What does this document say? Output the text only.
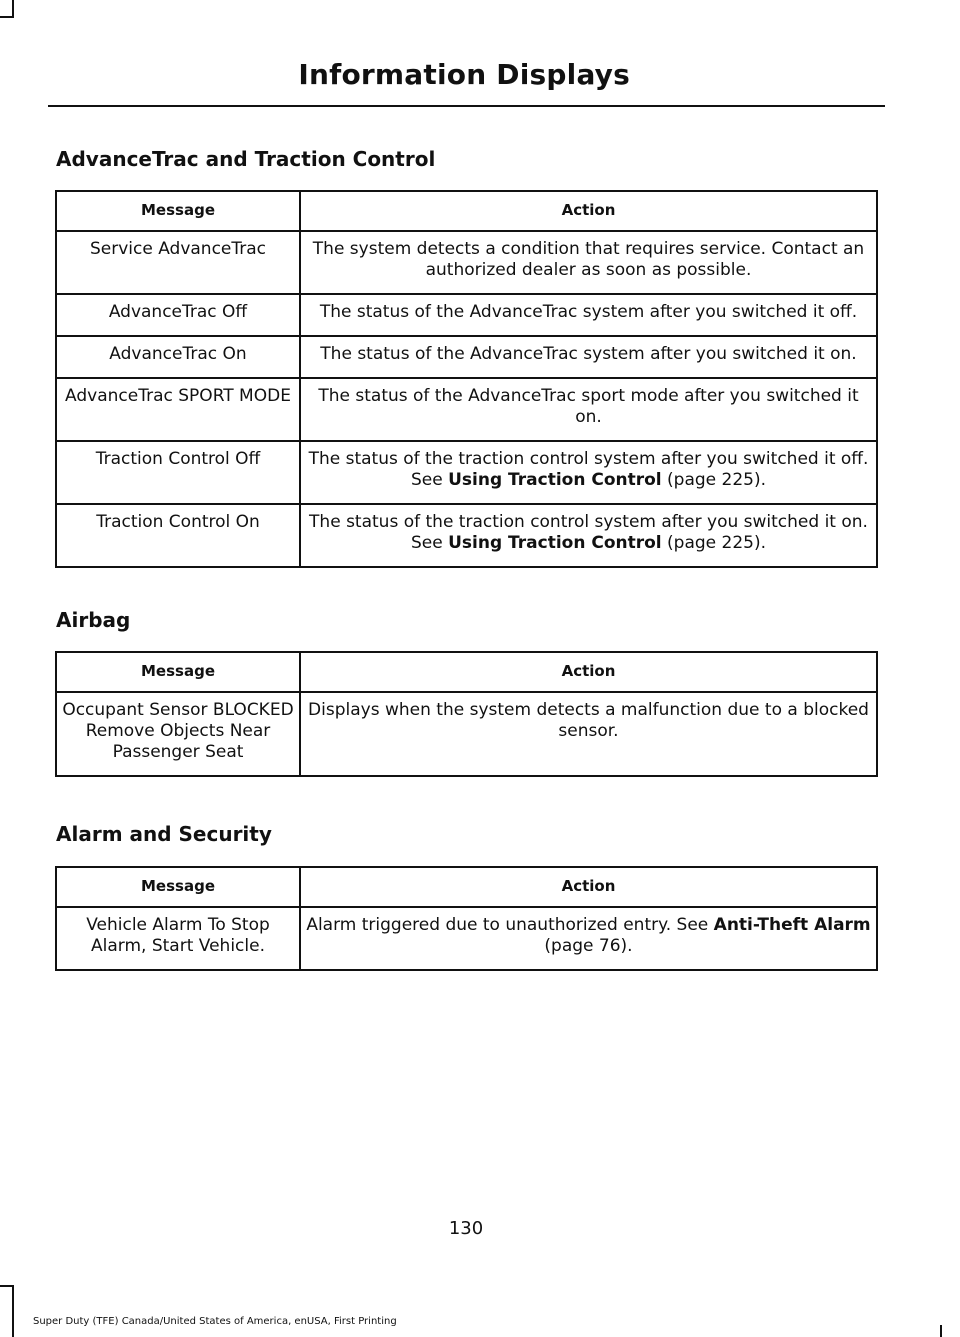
Information Displays
AdvanceTrac and Traction Control
Message	Action
Service AdvanceTrac	The system detects a condition that requires service. Contact an authorized dealer as soon as possible.
AdvanceTrac Off	The status of the AdvanceTrac system after you switched it off.
AdvanceTrac On	The status of the AdvanceTrac system after you switched it on.
AdvanceTrac SPORT MODE	The status of the AdvanceTrac sport mode after you switched it on.
Traction Control Off	The status of the traction control system after you switched it off. See Using Traction Control (page 225).
Traction Control On	The status of the traction control system after you switched it on. See Using Traction Control (page 225).
Airbag
Message	Action
Occupant Sensor BLOCKED Remove Objects Near Passenger Seat	Displays when the system detects a malfunction due to a blocked sensor.
Alarm and Security
Message	Action
Vehicle Alarm To Stop Alarm, Start Vehicle.	Alarm triggered due to unauthorized entry. See Anti-Theft Alarm (page 76).
130
Super Duty (TFE) Canada/United States of America, enUSA, First Printing
